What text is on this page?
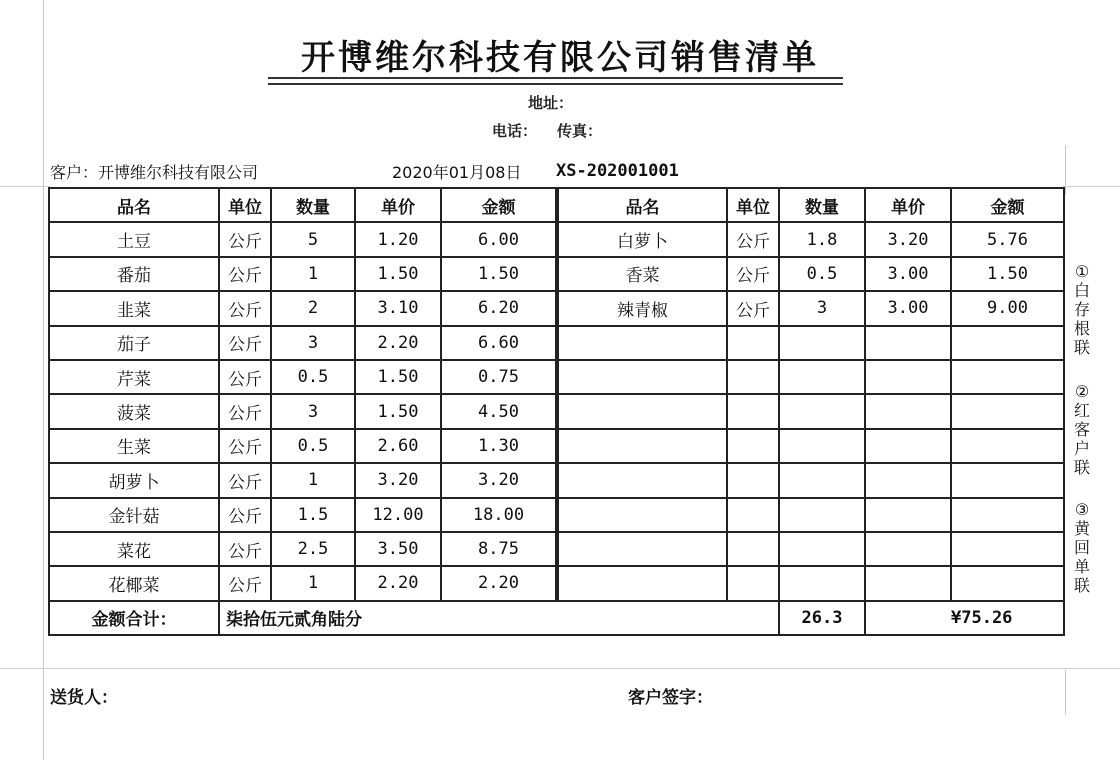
开博维尔科技有限公司销售清单
地址：
电话： 传真：
客户：开博维尔科技有限公司	2020年01月08日 XS-202001001
品名	单位	数量	单价	金额	品名	单位	数量	单价	金额
土豆	公斤	5	1.20	6.00	白萝卜	公斤	1.8	3.20	5.76
番茄	公斤	1	1.50	1.50	香菜	公斤	0.5	3.00	1.50
韭菜	公斤	2	3.10	6.20	辣青椒	公斤	3	3.00	9.00
茄子	公斤	3	2.20	6.60					
芹菜	公斤	0.5	1.50	0.75					
菠菜	公斤	3	1.50	4.50					
生菜	公斤	0.5	2.60	1.30					
胡萝卜	公斤	1	3.20	3.20					
金针菇	公斤	1.5	12.00	18.00					
菜花	公斤	2.5	3.50	8.75					
花椰菜	公斤	1	2.20	2.20					
金额合计：	柒拾伍元贰角陆分						26.3		¥75.26
①白存根联
②红客户联
③黄回单联
送货人：	客户签字：
